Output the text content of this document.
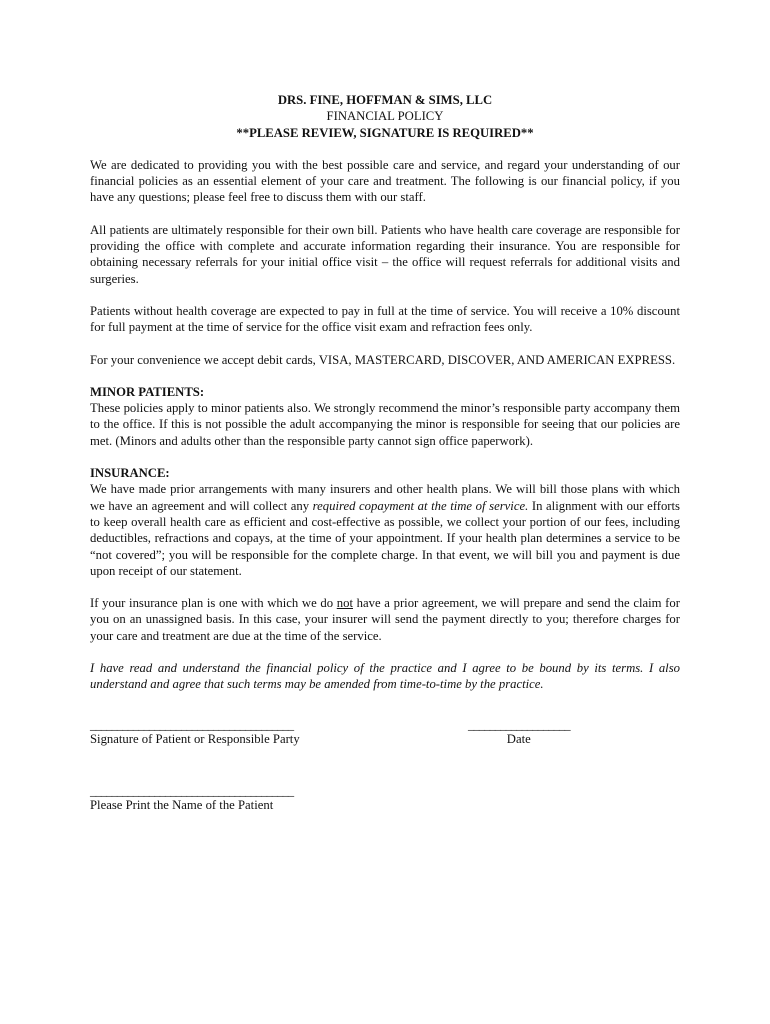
DRS. FINE, HOFFMAN & SIMS, LLC
FINANCIAL POLICY
**PLEASE REVIEW, SIGNATURE IS REQUIRED**

We are dedicated to providing you with the best possible care and service, and regard your understanding of our financial policies as an essential element of your care and treatment. The following is our financial policy, if you have any questions; please feel free to discuss them with our staff.

All patients are ultimately responsible for their own bill. Patients who have health care coverage are responsible for providing the office with complete and accurate information regarding their insurance. You are responsible for obtaining necessary referrals for your initial office visit – the office will request referrals for additional visits and surgeries.

Patients without health coverage are expected to pay in full at the time of service. You will receive a 10% discount for full payment at the time of service for the office visit exam and refraction fees only.

For your convenience we accept debit cards, VISA, MASTERCARD, DISCOVER, AND AMERICAN EXPRESS.

MINOR PATIENTS:

These policies apply to minor patients also. We strongly recommend the minor’s responsible party accompany them to the office. If this is not possible the adult accompanying the minor is responsible for seeing that our policies are met. (Minors and adults other than the responsible party cannot sign office paperwork).

INSURANCE:

We have made prior arrangements with many insurers and other health plans. We will bill those plans with which we have an agreement and will collect any required copayment at the time of service. In alignment with our efforts to keep overall health care as efficient and cost-effective as possible, we collect your portion of our fees, including deductibles, refractions and copays, at the time of your appointment. If your health plan determines a service to be “not covered”; you will be responsible for the complete charge. In that event, we will bill you and payment is due upon receipt of our statement.

If your insurance plan is one with which we do not have a prior agreement, we will prepare and send the claim for you on an unassigned basis. In this case, your insurer will send the payment directly to you; therefore charges for your care and treatment are due at the time of the service.

I have read and understand the financial policy of the practice and I agree to be bound by its terms. I also understand and agree that such terms may be amended from time-to-time by the practice.

______________________________________
Signature of Patient or Responsible Party
___________________
Date
______________________________________
Please Print the Name of the Patient
